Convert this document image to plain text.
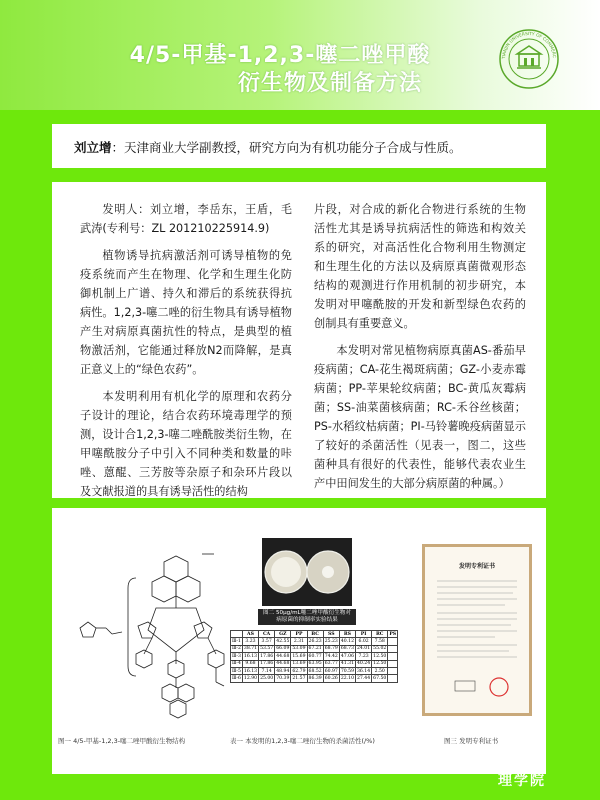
4/5-甲基-1,2,3-噻二唑甲酸
衍生物及制备方法
TIANJIN UNIVERSITY OF COMMERC
刘立增：天津商业大学副教授，研究方向为有机功能分子合成与性质。

发明人：刘立增，李岳东，王盾，毛武涛(专利号：ZL 201210225914.9)

植物诱导抗病激活剂可诱导植物的免疫系统而产生在物理、化学和生理生化防御机制上广谱、持久和滞后的系统获得抗病性。1,2,3-噻二唑的衍生物具有诱导植物产生对病原真菌抗性的特点，是典型的植物激活剂，它能通过释放N2而降解，是真正意义上的“绿色农药”。

本发明利用有机化学的原理和农药分子设计的理论，结合农药环境毒理学的预测，设计合1,2,3-噻二唑酰胺类衍生物，在甲噻酰胺分子中引入不同种类和数量的咔唑、蒽醌、三芳胺等杂原子和杂环片段以及文献报道的具有诱导活性的结构

片段，对合成的新化合物进行系统的生物活性尤其是诱导抗病活性的筛选和构效关系的研究，对高活性化合物利用生物测定和生理生化的方法以及病原真菌微观形态结构的观测进行作用机制的初步研究，本发明对甲噻酰胺的开发和新型绿色农药的创制具有重要意义。

本发明对常见植物病原真菌AS-番茄早疫病菌；CA-花生褐斑病菌；GZ-小麦赤霉病菌；PP-苹果轮纹病菌；BC-黄瓜灰霉病菌；SS-油菜菌核病菌；RC-禾谷丝核菌；PS-水稻纹枯病菌；PI-马铃薯晚疫病菌显示了较好的杀菌活性（见表一，图二，这些菌种具有很好的代表性，能够代表农业生产中田间发生的大部分病原菌的种属。）

图一 4/5-甲基-1,2,3-噻二唑甲酸衍生物结构
图二 50μg/mL噻二唑甲酸衍生物对病原菌的抑制率实验结果
	AS	CA	GZ	PP	BC	SS	RS	PI	RC	PS
Ⅲ-1	3.23	3.57	42.55	2.31	26.23	25.23	40.12	6.02	7.58	
Ⅲ-2	38.71	53.57	66.09	53.09	67.21	68.79	68.73	24.01	55.02	
Ⅲ-3	16.13	17.86	44.68	15.69	60.77	74.42	47.06	7.23	12.50	
Ⅲ-4	9.68	17.86	44.68	13.69	63.95	63.77	41.31	40.24	12.50	
Ⅲ-5	16.13	7.14	48.94	62.79	68.52	60.97	70.59	36.14	2.50	
Ⅲ-6	12.90	25.00	70.39	21.57	86.39	60.26	22.10	27.44	67.50	
表一 本发明的1,2,3-噻二唑衍生物的杀菌活性(/%)
发明专利证书
图三 发明专利证书
理学院
